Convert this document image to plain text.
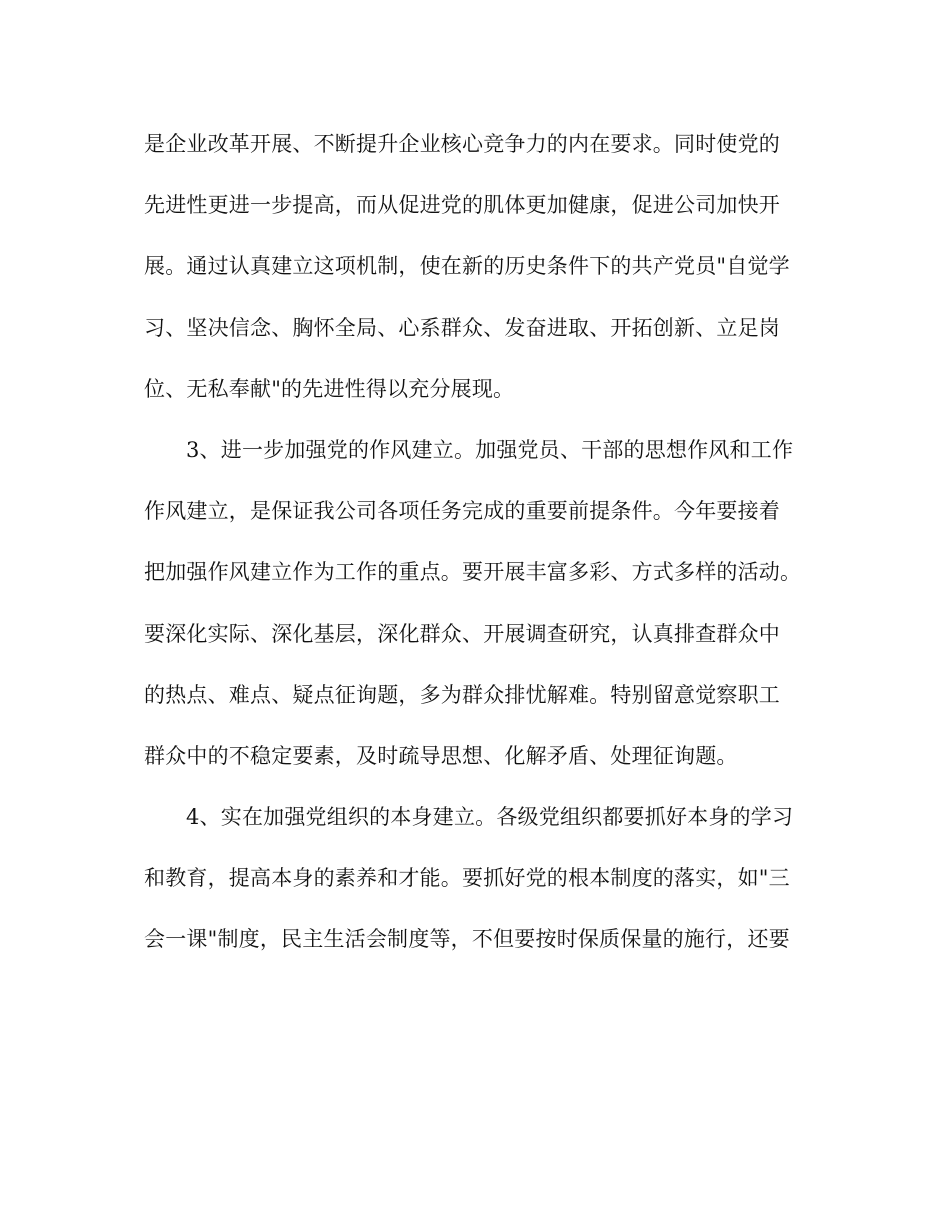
是企业改革开展、不断提升企业核心竞争力的内在要求。同时使党的
先进性更进一步提高，而从促进党的肌体更加健康，促进公司加快开
展。通过认真建立这项机制，使在新的历史条件下的共产党员"自觉学
习、坚决信念、胸怀全局、心系群众、发奋进取、开拓创新、立足岗
位、无私奉献"的先进性得以充分展现。
3、进一步加强党的作风建立。加强党员、干部的思想作风和工作
作风建立，是保证我公司各项任务完成的重要前提条件。今年要接着
把加强作风建立作为工作的重点。要开展丰富多彩、方式多样的活动。
要深化实际、深化基层，深化群众、开展调查研究，认真排查群众中
的热点、难点、疑点征询题，多为群众排忧解难。特别留意觉察职工
群众中的不稳定要素，及时疏导思想、化解矛盾、处理征询题。
4、实在加强党组织的本身建立。各级党组织都要抓好本身的学习
和教育，提高本身的素养和才能。要抓好党的根本制度的落实，如"三
会一课"制度，民主生活会制度等，不但要按时保质保量的施行，还要
